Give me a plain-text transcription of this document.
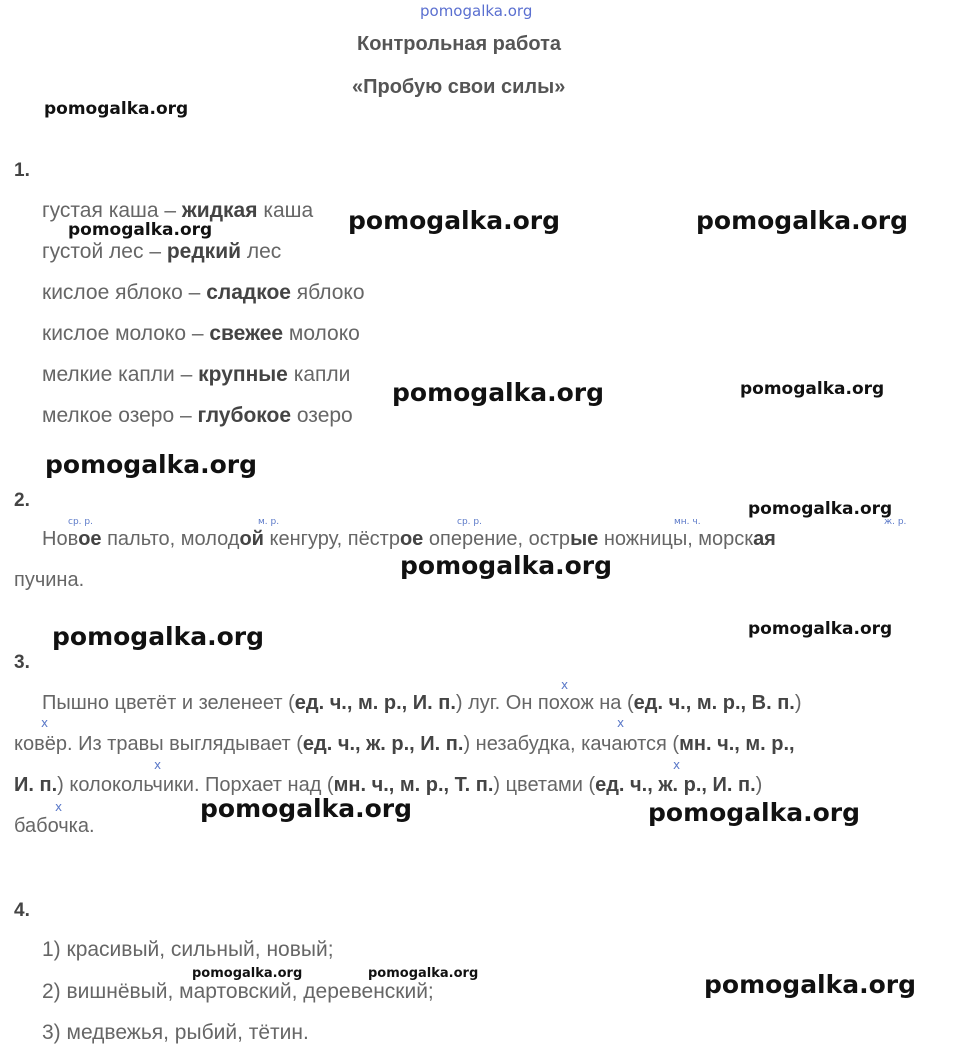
pomogalka.org
Контрольная работа
«Пробую свои силы»
1.
густая каша – жидкая каша
густой лес – редкий лес
кислое яблоко – сладкое яблоко
кислое молоко – свежее молоко
мелкие капли – крупные капли
мелкое озеро – глубокое озеро
2.
ср. р.	м. р.	ср. р.	мн. ч.	ж. р.
Новое пальто, молодой кенгуру, пёстрое оперение, острые ножницы, морская
пучина.
3.
x
x	x
x	x
x
Пышно цветёт и зеленеет (ед. ч., м. р., И. п.) луг. Он похож на (ед. ч., м. р., В. п.)
ковёр. Из травы выглядывает (ед. ч., ж. р., И. п.) незабудка, качаются (мн. ч., м. р.,
И. п.) колокольчики. Порхает над (мн. ч., м. р., Т. п.) цветами (ед. ч., ж. р., И. п.)
бабочка.
4.
1) красивый, сильный, новый;
2) вишнёвый, мартовский, деревенский;
3) медвежья, рыбий, тётин.
pomogalka.org
pomogalka.org	pomogalka.org	pomogalka.org
pomogalka.org	pomogalka.org
pomogalka.org
pomogalka.org
pomogalka.org
pomogalka.org	pomogalka.org
pomogalka.org	pomogalka.org
pomogalka.org	pomogalka.org	pomogalka.org
